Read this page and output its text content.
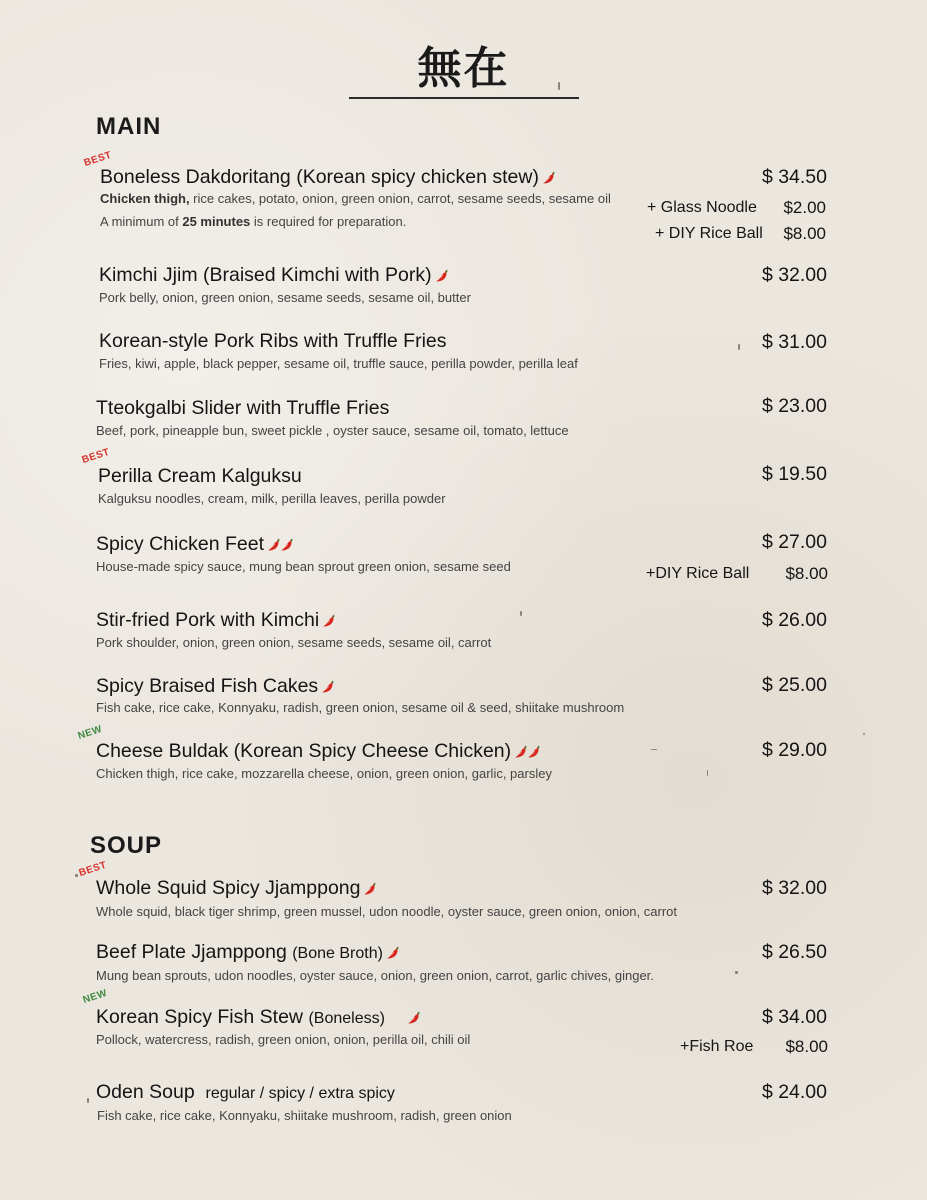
無在
MAIN
BEST
Boneless Dakdoritang (Korean spicy chicken stew)
Chicken thigh, rice cakes, potato, onion, green onion, carrot, sesame seeds, sesame oil
A minimum of 25 minutes is required for preparation.
$ 34.50
+ Glass Noodle $2.00
+ DIY Rice Ball $8.00
Kimchi Jjim (Braised Kimchi with Pork)
Pork belly, onion, green onion, sesame seeds, sesame oil, butter
$ 32.00
Korean-style Pork Ribs with Truffle Fries
Fries, kiwi, apple, black pepper, sesame oil, truffle sauce, perilla powder, perilla leaf
$ 31.00
Tteokgalbi Slider with Truffle Fries
Beef, pork, pineapple bun, sweet pickle , oyster sauce, sesame oil, tomato, lettuce
$ 23.00
BEST
Perilla Cream Kalguksu
Kalguksu noodles, cream, milk, perilla leaves, perilla powder
$ 19.50
Spicy Chicken Feet
House-made spicy sauce, mung bean sprout green onion, sesame seed
$ 27.00
+DIY Rice Ball $8.00
Stir-fried Pork with Kimchi
Pork shoulder, onion, green onion, sesame seeds, sesame oil, carrot
$ 26.00
Spicy Braised Fish Cakes
Fish cake, rice cake, Konnyaku, radish, green onion, sesame oil & seed, shiitake mushroom
$ 25.00
NEW
Cheese Buldak (Korean Spicy Cheese Chicken)
Chicken thigh, rice cake, mozzarella cheese, onion, green onion, garlic, parsley
$ 29.00
SOUP
BEST
Whole Squid Spicy Jjamppong
Whole squid, black tiger shrimp, green mussel, udon noodle, oyster sauce, green onion, onion, carrot
$ 32.00
Beef Plate Jjamppong (Bone Broth)
Mung bean sprouts, udon noodles, oyster sauce, onion, green onion, carrot, garlic chives, ginger.
$ 26.50
NEW
Korean Spicy Fish Stew (Boneless)
Pollock, watercress, radish, green onion, onion, perilla oil, chili oil
$ 34.00
+Fish Roe $8.00
Oden Soup regular / spicy / extra spicy
Fish cake, rice cake, Konnyaku, shiitake mushroom, radish, green onion
$ 24.00
